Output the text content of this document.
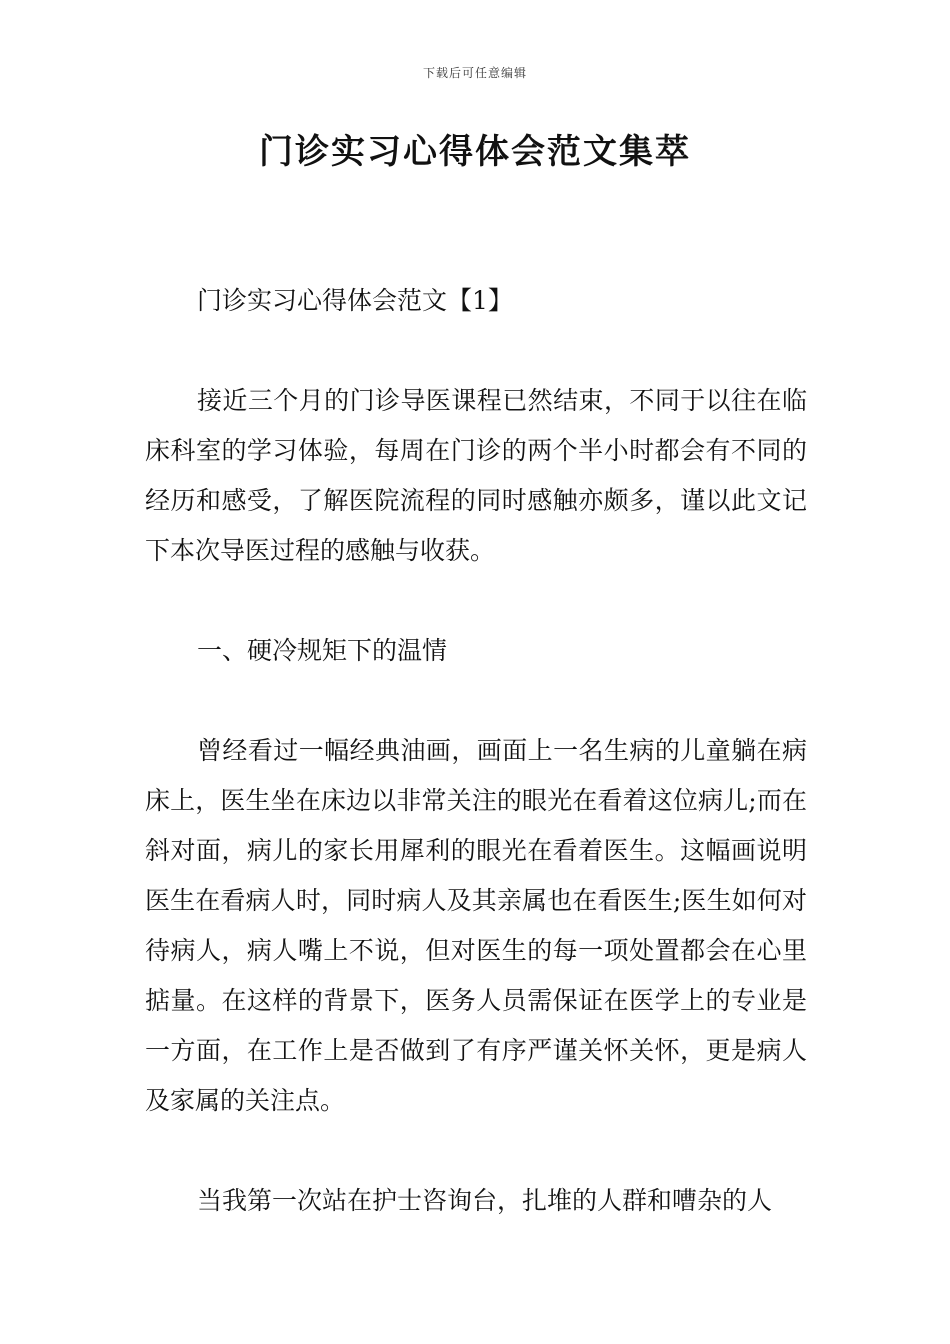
下载后可任意编辑
门诊实习心得体会范文集萃

门诊实习心得体会范文【1】

接近三个月的门诊导医课程已然结束，不同于以往在临床科室的学习体验，每周在门诊的两个半小时都会有不同的经历和感受，了解医院流程的同时感触亦颇多，谨以此文记下本次导医过程的感触与收获。

一、硬冷规矩下的温情

曾经看过一幅经典油画，画面上一名生病的儿童躺在病床上，医生坐在床边以非常关注的眼光在看着这位病儿;而在斜对面，病儿的家长用犀利的眼光在看着医生。这幅画说明医生在看病人时，同时病人及其亲属也在看医生;医生如何对待病人，病人嘴上不说，但对医生的每一项处置都会在心里掂量。在这样的背景下，医务人员需保证在医学上的专业是一方面，在工作上是否做到了有序严谨关怀关怀，更是病人及家属的关注点。

当我第一次站在护士咨询台，扎堆的人群和嘈杂的人
